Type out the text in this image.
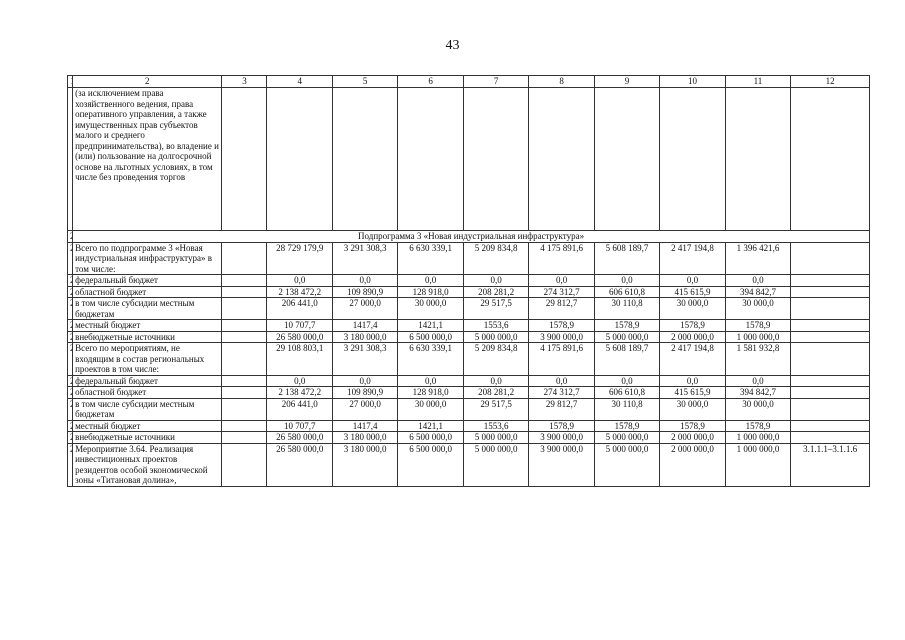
43
	2	3	4	5	6	7	8	9	10	11	12
	(за исключением права хозяйственного ведения, права оперативного управления, а также имущественных прав субъектов малого и среднего предпринимательства), во владение и (или) пользование на долгосрочной основе на льготных условиях, в том числе без проведения торгов										
	Подпрограмма 3 «Новая индустриальная инфраструктура»										
	Всего по подпрограмме 3 «Новая индустриальная инфраструктура» в том числе:		28 729 179,9	3 291 308,3	6 630 339,1	5 209 834,8	4 175 891,6	5 608 189,7	2 417 194,8	1 396 421,6	
	федеральный бюджет		0,0	0,0	0,0	0,0	0,0	0,0	0,0	0,0	
	областной бюджет		2 138 472,2	109 890,9	128 918,0	208 281,2	274 312,7	606 610,8	415 615,9	394 842,7	
	в том числе субсидии местным бюджетам		206 441,0	27 000,0	30 000,0	29 517,5	29 812,7	30 110,8	30 000,0	30 000,0	
	местный бюджет		10 707,7	1417,4	1421,1	1553,6	1578,9	1578,9	1578,9	1578,9	
	внебюджетные источники		26 580 000,0	3 180 000,0	6 500 000,0	5 000 000,0	3 900 000,0	5 000 000,0	2 000 000,0	1 000 000,0	
	Всего по мероприятиям, не входящим в состав региональных проектов в том числе:		29 108 803,1	3 291 308,3	6 630 339,1	5 209 834,8	4 175 891,6	5 608 189,7	2 417 194,8	1 581 932,8	
	федеральный бюджет		0,0	0,0	0,0	0,0	0,0	0,0	0,0	0,0	
	областной бюджет		2 138 472,2	109 890,9	128 918,0	208 281,2	274 312,7	606 610,8	415 615,9	394 842,7	
	в том числе субсидии местным бюджетам		206 441,0	27 000,0	30 000,0	29 517,5	29 812,7	30 110,8	30 000,0	30 000,0	
	местный бюджет		10 707,7	1417,4	1421,1	1553,6	1578,9	1578,9	1578,9	1578,9	
	внебюджетные источники		26 580 000,0	3 180 000,0	6 500 000,0	5 000 000,0	3 900 000,0	5 000 000,0	2 000 000,0	1 000 000,0	
	Мероприятие 3.64. Реализация инвестиционных проектов резидентов особой экономической зоны «Титановая долина»,		26 580 000,0	3 180 000,0	6 500 000,0	5 000 000,0	3 900 000,0	5 000 000,0	2 000 000,0	1 000 000,0	3.1.1.1–3.1.1.6
